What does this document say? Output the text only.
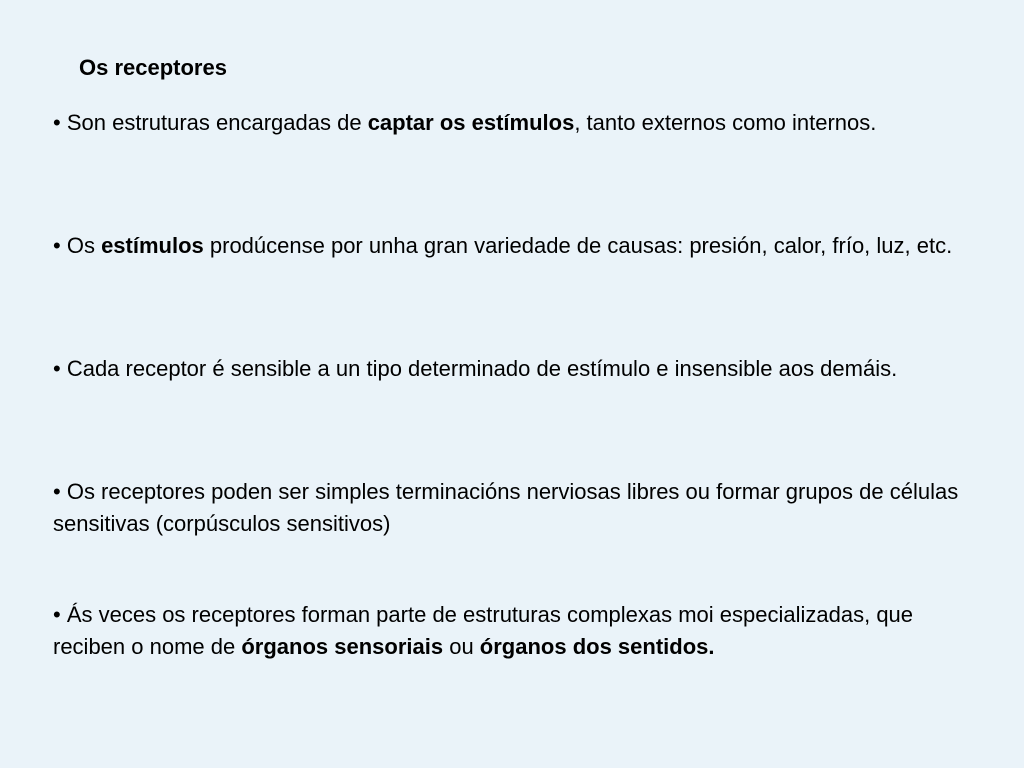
Os receptores

• Son estruturas encargadas de captar os estímulos, tanto externos como internos.

• Os estímulos prodúcense por unha gran variedade de causas: presión, calor, frío, luz, etc.

• Cada receptor é sensible a un tipo determinado de estímulo e insensible aos demáis.

• Os receptores poden ser simples terminacións nerviosas libres ou formar grupos de células sensitivas (corpúsculos sensitivos)

• Ás veces os receptores forman parte de estruturas complexas moi especializadas, que reciben o nome de órganos sensoriais ou órganos dos sentidos.
